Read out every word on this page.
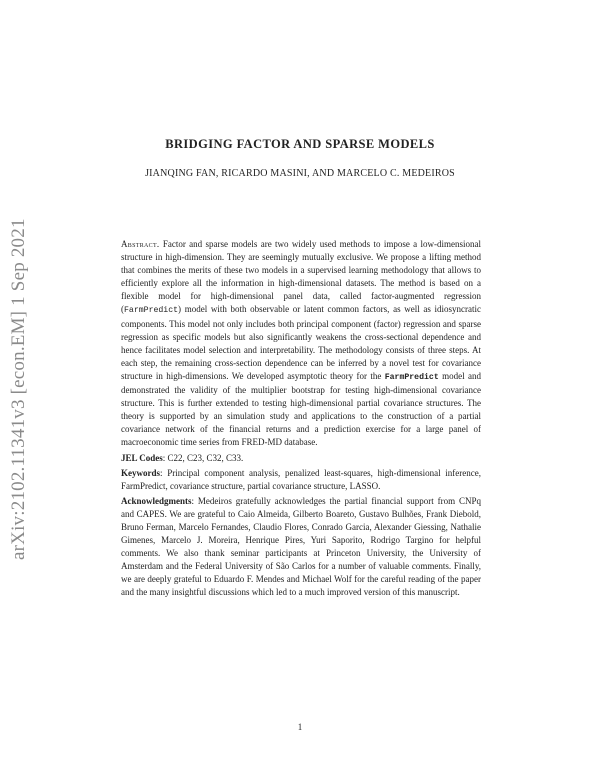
arXiv:2102.11341v3 [econ.EM] 1 Sep 2021
BRIDGING FACTOR AND SPARSE MODELS
JIANQING FAN, RICARDO MASINI, AND MARCELO C. MEDEIROS
Abstract. Factor and sparse models are two widely used methods to impose a low-dimensional structure in high-dimension. They are seemingly mutually exclusive. We propose a lifting method that combines the merits of these two models in a supervised learning methodology that allows to efficiently explore all the information in high-dimensional datasets. The method is based on a flexible model for high-dimensional panel data, called factor-augmented regression (FarmPredict) model with both observable or latent common factors, as well as idiosyncratic components. This model not only includes both principal component (factor) regression and sparse regression as specific models but also significantly weakens the cross-sectional dependence and hence facilitates model selection and interpretability. The methodology consists of three steps. At each step, the remaining cross-section dependence can be inferred by a novel test for covariance structure in high-dimensions. We developed asymptotic theory for the FarmPredict model and demonstrated the validity of the multiplier bootstrap for testing high-dimensional covariance structure. This is further extended to testing high-dimensional partial covariance structures. The theory is supported by an simulation study and applications to the construction of a partial covariance network of the financial returns and a prediction exercise for a large panel of macroeconomic time series from FRED-MD database.
JEL Codes: C22, C23, C32, C33.
Keywords: Principal component analysis, penalized least-squares, high-dimensional inference, FarmPredict, covariance structure, partial covariance structure, LASSO.
Acknowledgments: Medeiros gratefully acknowledges the partial financial support from CNPq and CAPES. We are grateful to Caio Almeida, Gilberto Boareto, Gustavo Bulhões, Frank Diebold, Bruno Ferman, Marcelo Fernandes, Claudio Flores, Conrado Garcia, Alexander Giessing, Nathalie Gimenes, Marcelo J. Moreira, Henrique Pires, Yuri Saporito, Rodrigo Targino for helpful comments. We also thank seminar participants at Princeton University, the University of Amsterdam and the Federal University of São Carlos for a number of valuable comments. Finally, we are deeply grateful to Eduardo F. Mendes and Michael Wolf for the careful reading of the paper and the many insightful discussions which led to a much improved version of this manuscript.
1
